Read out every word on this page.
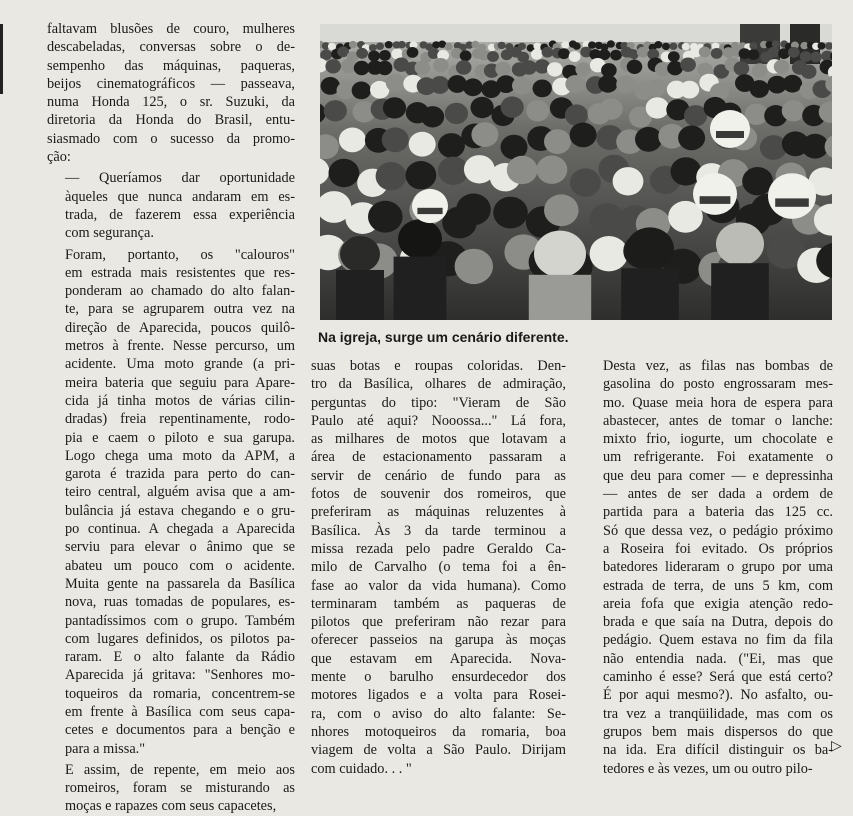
faltavam blusões de couro, mulheres
descabeladas, conversas sobre o de-
sempenho das máquinas, paqueras,
beijos cinematográficos — passeava,
numa Honda 125, o sr. Suzuki, da
diretoria da Honda do Brasil, entu-
siasmado com o sucesso da promo-
ção:

— Queríamos dar oportunidade
àqueles que nunca andaram em es-
trada, de fazerem essa experiência
com segurança.

Foram, portanto, os "calouros"
em estrada mais resistentes que res-
ponderam ao chamado do alto falan-
te, para se agruparem outra vez na
direção de Aparecida, poucos quilô-
metros à frente. Nesse percurso, um
acidente. Uma moto grande (a pri-
meira bateria que seguiu para Apare-
cida já tinha motos de várias cilin-
dradas) freia repentinamente, rodo-
pia e caem o piloto e sua garupa.
Logo chega uma moto da APM, a
garota é trazida para perto do can-
teiro central, alguém avisa que a am-
bulância já estava chegando e o gru-
po continua. A chegada a Aparecida
serviu para elevar o ânimo que se
abateu um pouco com o acidente.
Muita gente na passarela da Basílica
nova, ruas tomadas de populares, es-
pantadíssimos com o grupo. Também
com lugares definidos, os pilotos pa-
raram. E o alto falante da Rádio
Aparecida já gritava: "Senhores mo-
toqueiros da romaria, concentrem-se
em frente à Basílica com seus capa-
cetes e documentos para a benção e
para a missa."

E assim, de repente, em meio aos
romeiros, foram se misturando as
moças e rapazes com seus capacetes,

Na igreja, surge um cenário diferente.

suas botas e roupas coloridas. Den-
tro da Basílica, olhares de admiração,
perguntas do tipo: "Vieram de São
Paulo até aqui? Nooossa..." Lá fora,
as milhares de motos que lotavam a
área de estacionamento passaram a
servir de cenário de fundo para as
fotos de souvenir dos romeiros, que
preferiram as máquinas reluzentes à
Basílica. Às 3 da tarde terminou a
missa rezada pelo padre Geraldo Ca-
milo de Carvalho (o tema foi a ên-
fase ao valor da vida humana). Como
terminaram também as paqueras de
pilotos que preferiram não rezar para
oferecer passeios na garupa às moças
que estavam em Aparecida. Nova-
mente o barulho ensurdecedor dos
motores ligados e a volta para Rosei-
ra, com o aviso do alto falante: Se-
nhores motoqueiros da romaria, boa
viagem de volta a São Paulo. Dirijam
com cuidado. . . "

Desta vez, as filas nas bombas de
gasolina do posto engrossaram mes-
mo. Quase meia hora de espera para
abastecer, antes de tomar o lanche:
mixto frio, iogurte, um chocolate e
um refrigerante. Foi exatamente o
que deu para comer — e depressinha
— antes de ser dada a ordem de
partida para a bateria das 125 cc.
Só que dessa vez, o pedágio próximo
a Roseira foi evitado. Os próprios
batedores lideraram o grupo por uma
estrada de terra, de uns 5 km, com
areia fofa que exigia atenção redo-
brada e que saía na Dutra, depois do
pedágio. Quem estava no fim da fila
não entendia nada. ("Ei, mas que
caminho é esse? Será que está certo?
É por aqui mesmo?). No asfalto, ou-
tra vez a tranqüilidade, mas com os
grupos bem mais dispersos do que
na ida. Era difícil distinguir os ba-
tedores e às vezes, um ou outro pilo-

▷
